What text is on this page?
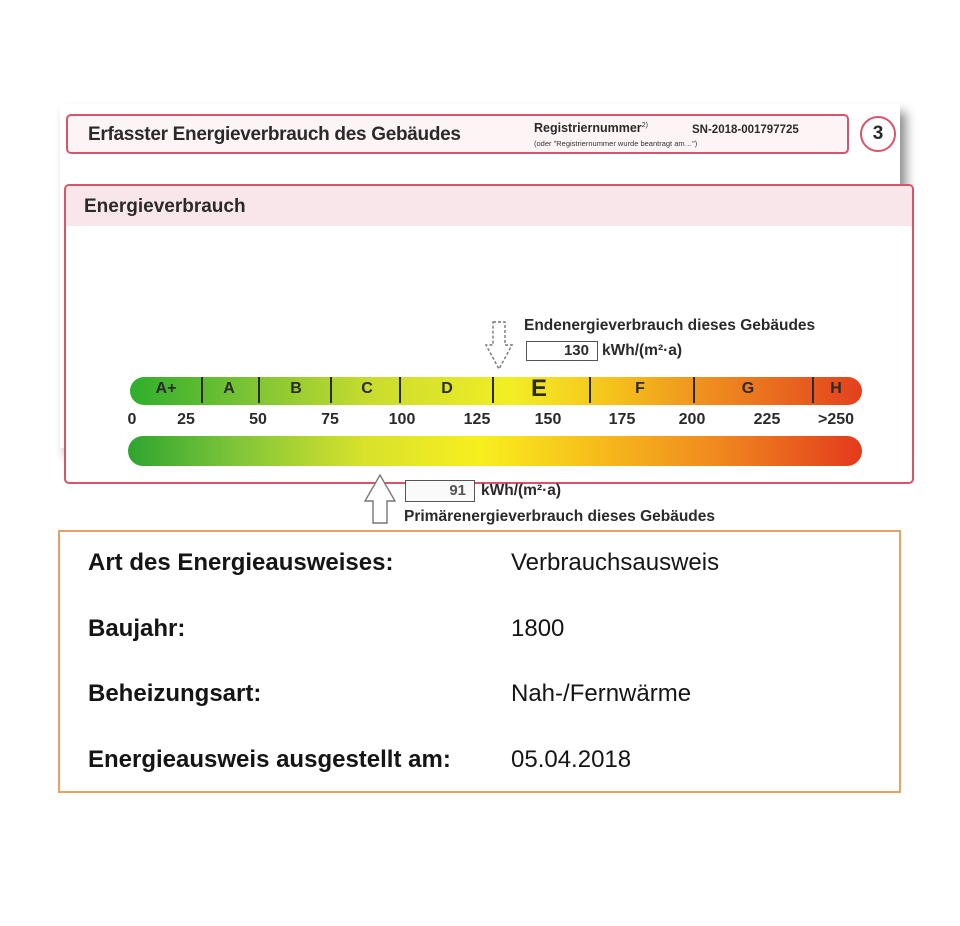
Erfasster Energieverbrauch des Gebäudes	Registriernummer$^{2)}$	SN-2018-001797725
(oder "Registriernummer wurde beantragt am…")	3
Energieverbrauch
Endenergieverbrauch dieses Gebäudes
130 kWh/(m²·a)
A+	A	B	C	D	E	F	G	H
0	25	50	75	100	125	150	175	200	225	>250
91 kWh/(m²·a)
Primärenergieverbrauch dieses Gebäudes
Art des Energieausweises:	Verbrauchsausweis
Baujahr:	1800
Beheizungsart:	Nah-/Fernwärme
Energieausweis ausgestellt am:	05.04.2018
